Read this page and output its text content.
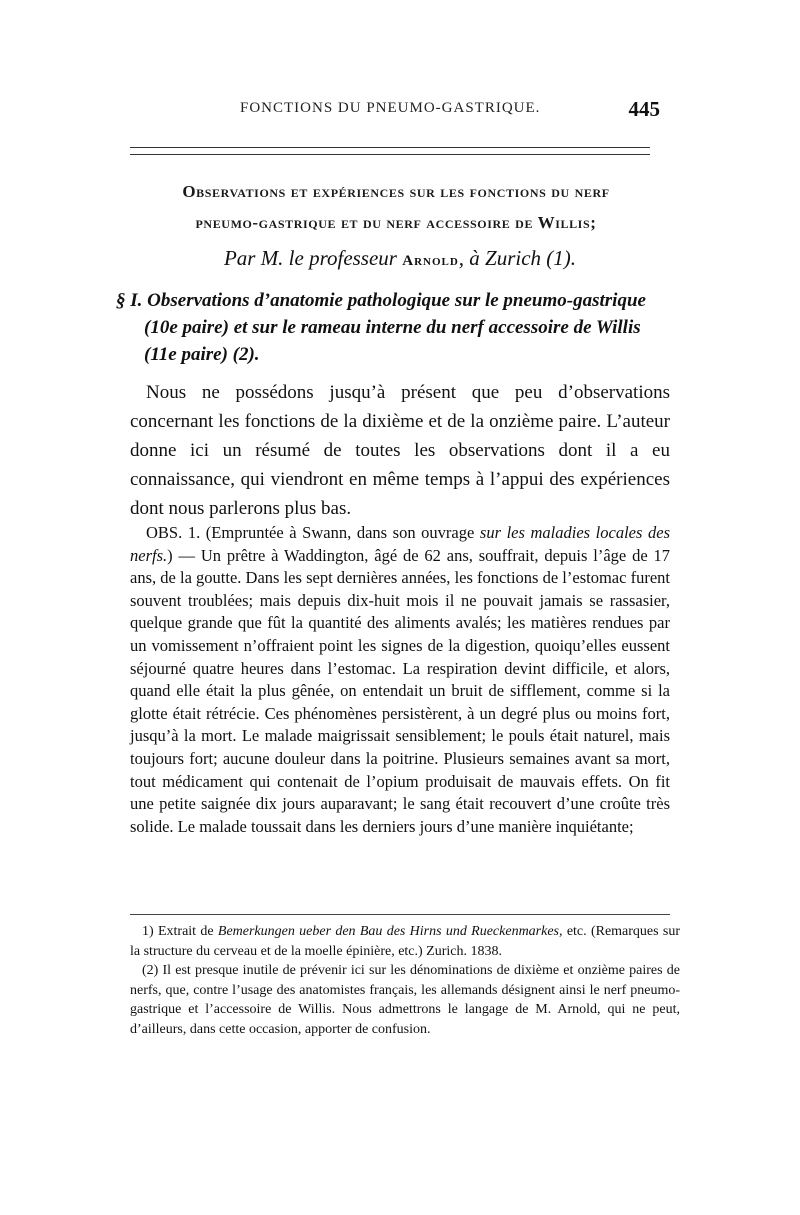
FONCTIONS DU PNEUMO-GASTRIQUE.	445
Observations et expériences sur les fonctions du nerf
pneumo-gastrique et du nerf accessoire de Willis;
Par M. le professeur Arnold, à Zurich (1).
§ I. Observations d’anatomie pathologique sur le pneumo-gastrique (10e paire) et sur le rameau interne du nerf accessoire de Willis (11e paire) (2).

Nous ne possédons jusqu’à présent que peu d’observations concernant les fonctions de la dixième et de la onzième paire. L’auteur donne ici un résumé de toutes les observations dont il a eu connaissance, qui viendront en même temps à l’appui des expériences dont nous parlerons plus bas.

OBS. 1. (Empruntée à Swann, dans son ouvrage sur les maladies locales des nerfs.) — Un prêtre à Waddington, âgé de 62 ans, souffrait, depuis l’âge de 17 ans, de la goutte. Dans les sept dernières années, les fonctions de l’estomac furent souvent troublées; mais depuis dix-huit mois il ne pouvait jamais se rassasier, quelque grande que fût la quantité des aliments avalés; les matières rendues par un vomissement n’offraient point les signes de la digestion, quoiqu’elles eussent séjourné quatre heures dans l’estomac. La respiration devint difficile, et alors, quand elle était la plus gênée, on entendait un bruit de sifflement, comme si la glotte était rétrécie. Ces phénomènes persistèrent, à un degré plus ou moins fort, jusqu’à la mort. Le malade maigrissait sensiblement; le pouls était naturel, mais toujours fort; aucune douleur dans la poitrine. Plusieurs semaines avant sa mort, tout médicament qui contenait de l’opium produisait de mauvais effets. On fit une petite saignée dix jours auparavant; le sang était recouvert d’une croûte très solide. Le malade toussait dans les derniers jours d’une manière inquiétante;

1) Extrait de Bemerkungen ueber den Bau des Hirns und Rueckenmarkes, etc. (Remarques sur la structure du cerveau et de la moelle épinière, etc.) Zurich. 1838.

(2) Il est presque inutile de prévenir ici sur les dénominations de dixième et onzième paires de nerfs, que, contre l’usage des anatomistes français, les allemands désignent ainsi le nerf pneumo-gastrique et l’accessoire de Willis. Nous admettrons le langage de M. Arnold, qui ne peut, d’ailleurs, dans cette occasion, apporter de confusion.
